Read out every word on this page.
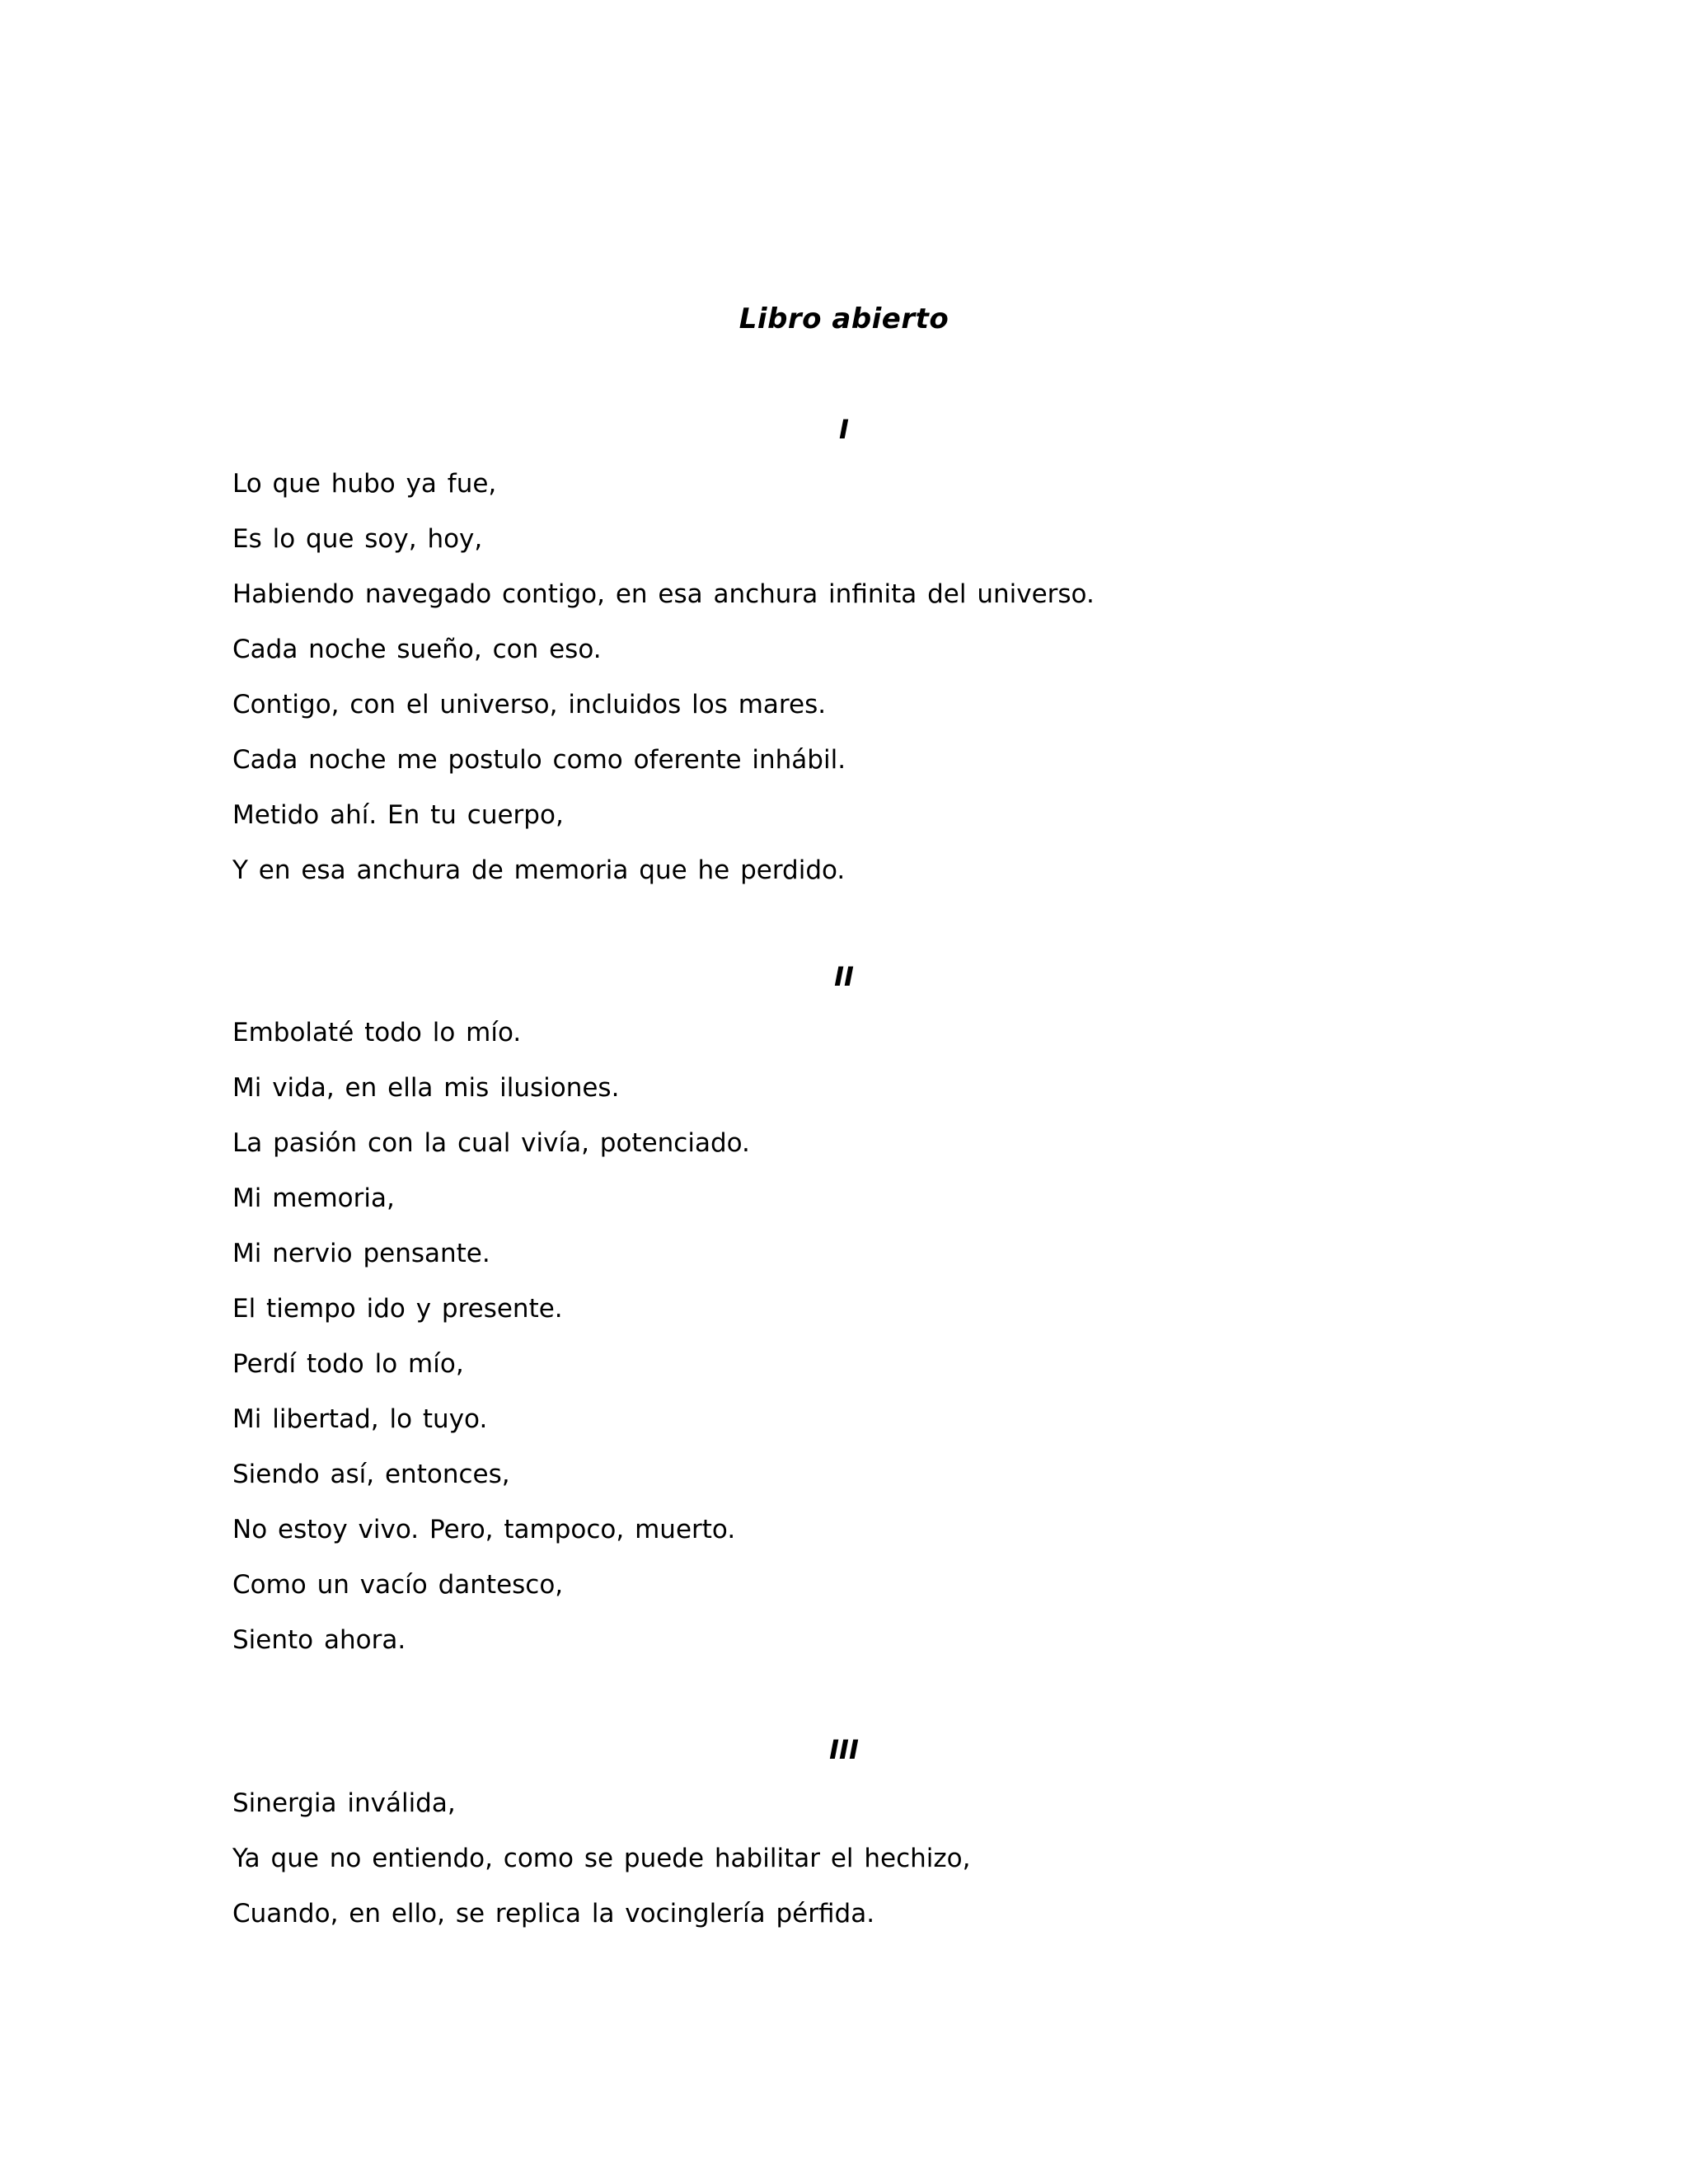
Libro abierto
I
Lo que hubo ya fue,
Es lo que soy, hoy,
Habiendo navegado contigo, en esa anchura infinita del universo.
Cada noche sueño, con eso.
Contigo, con el universo, incluidos los mares.
Cada noche me postulo como oferente inhábil.
Metido ahí. En tu cuerpo,
Y en esa anchura de memoria que he perdido.
II
Embolaté todo lo mío.
Mi vida, en ella mis ilusiones.
La pasión con la cual vivía, potenciado.
Mi memoria,
Mi nervio pensante.
El tiempo ido y presente.
Perdí todo lo mío,
Mi libertad, lo tuyo.
Siendo así, entonces,
No estoy vivo. Pero, tampoco, muerto.
Como un vacío dantesco,
Siento ahora.
III
Sinergia inválida,
Ya que no entiendo, como se puede habilitar el hechizo,
Cuando, en ello, se replica la vocinglería pérfida.
